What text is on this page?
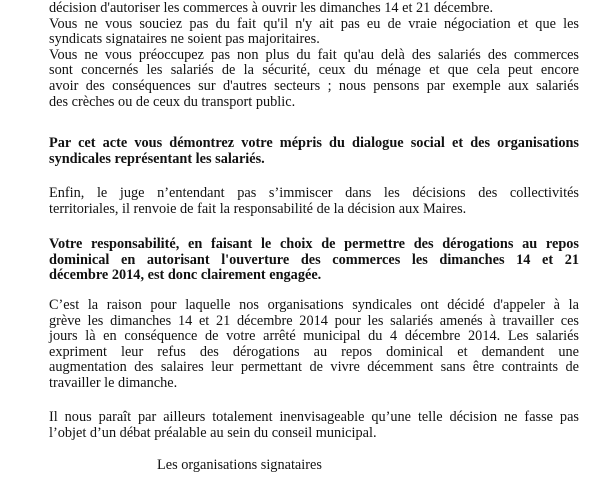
décision d'autoriser les commerces à ouvrir les dimanches 14 et 21 décembre.
Vous ne vous souciez pas du fait qu'il n'y ait pas eu de vraie négociation et que les
syndicats signataires ne soient pas majoritaires.
Vous ne vous préoccupez pas non plus du fait qu'au delà des salariés des commerces
sont concernés les salariés de la sécurité, ceux du ménage et que cela peut encore
avoir des conséquences sur d'autres secteurs ; nous pensons par exemple aux salariés
des crèches ou de ceux du transport public.
Par cet acte vous démontrez votre mépris du dialogue social et des organisations
syndicales représentant les salariés.
Enfin, le juge n’entendant pas s’immiscer dans les décisions des collectivités
territoriales, il renvoie de fait la responsabilité de la décision aux Maires.
Votre responsabilité, en faisant le choix de permettre des dérogations au repos
dominical en autorisant l'ouverture des commerces les dimanches 14 et 21
décembre 2014, est donc clairement engagée.
C’est la raison pour laquelle nos organisations syndicales ont décidé d'appeler à la
grève les dimanches 14 et 21 décembre 2014 pour les salariés amenés à travailler ces
jours là en conséquence de votre arrêté municipal du 4 décembre 2014. Les salariés
expriment leur refus des dérogations au repos dominical et demandent une
augmentation des salaires leur permettant de vivre décemment sans être contraints de
travailler le dimanche.
Il nous paraît par ailleurs totalement inenvisageable qu’une telle décision ne fasse pas
l’objet d’un débat préalable au sein du conseil municipal.
Les organisations signataires
